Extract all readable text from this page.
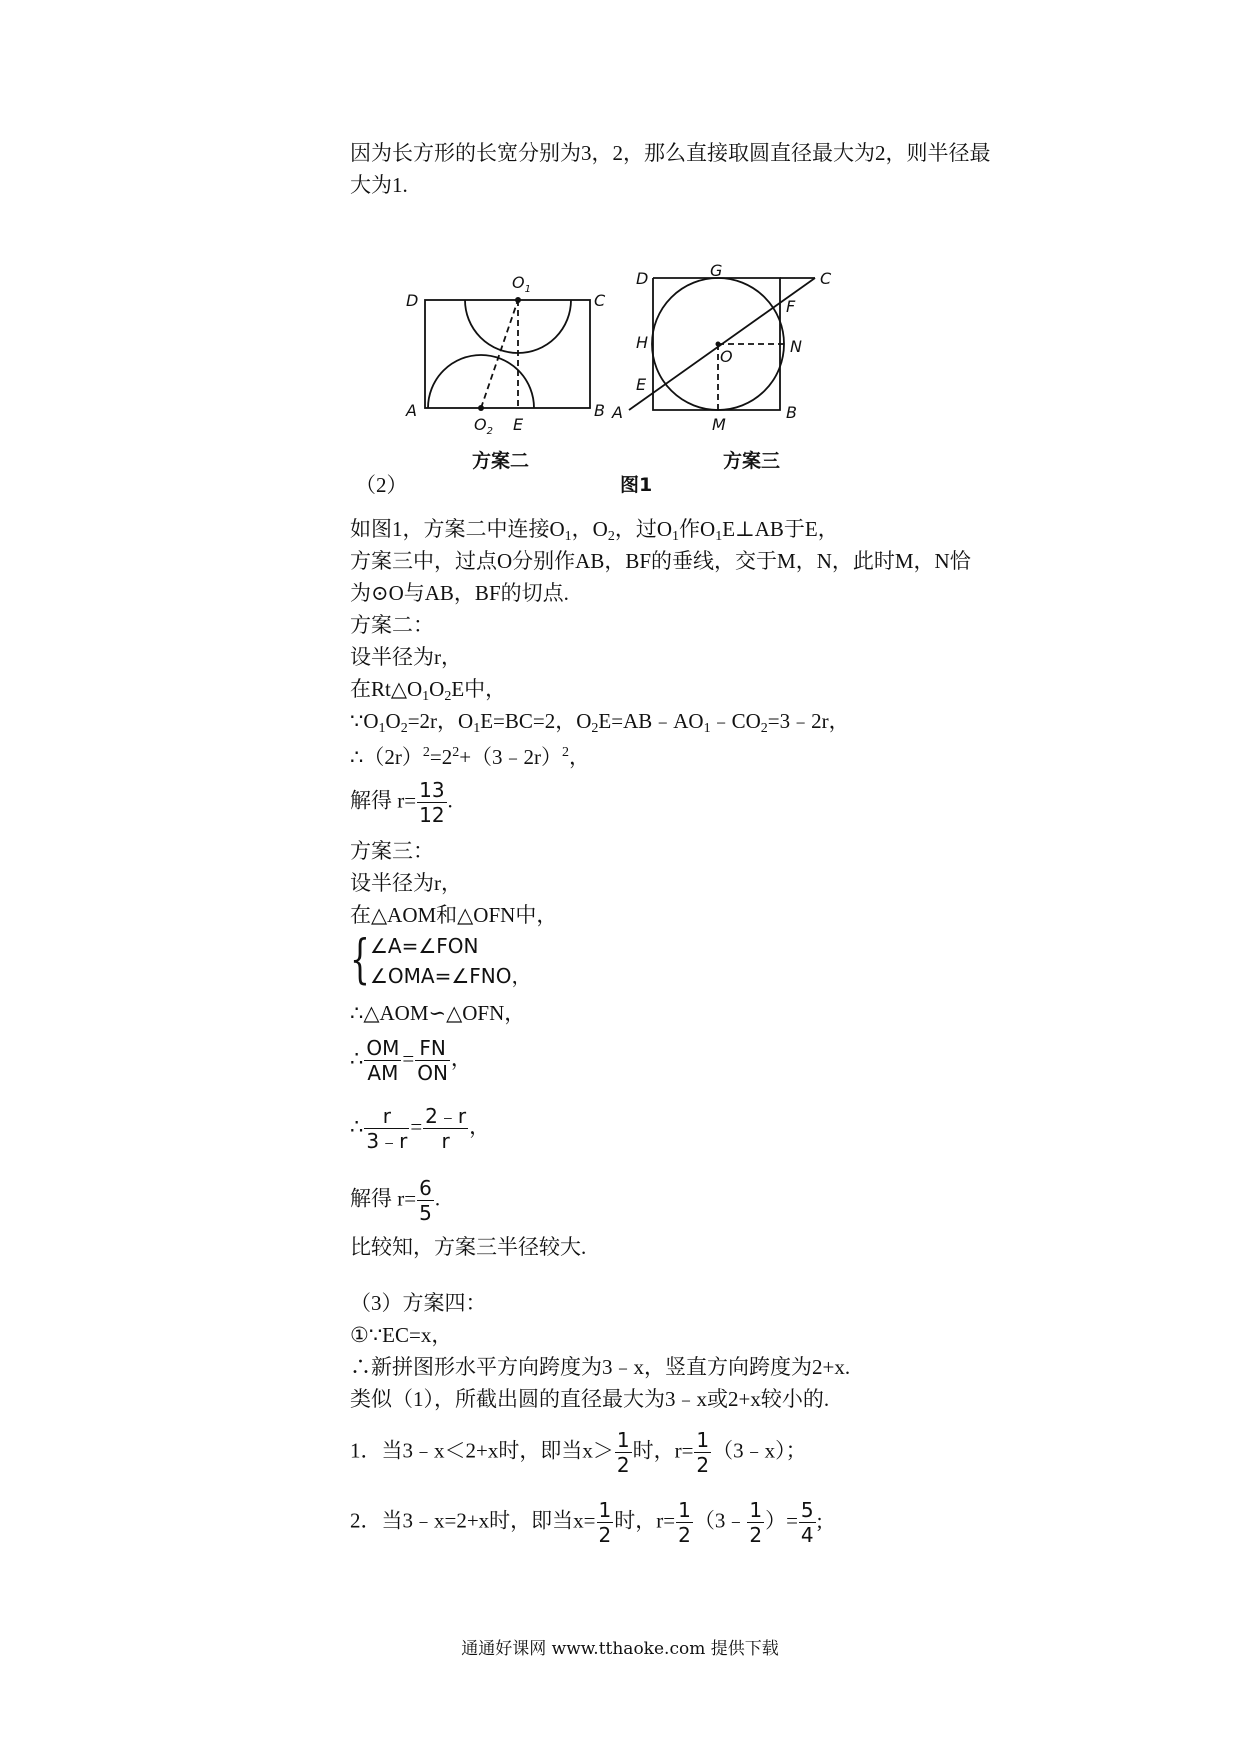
因为长方形的长宽分别为3，2，那么直接取圆直径最大为2，则半径最
大为1.
D	C
A	B
$O_1$
$O_2$ E
D	G	C
F
H	N
O
E
A
M
B
方案二	方案三
（2）	图1
如图1，方案二中连接$O_1$，$O_2$，过$O_1$作$O_1E\perp AB$于E，
方案三中，过点O分别作AB，BF的垂线，交于M，N，此时M，N恰
为⊙O与AB，BF的切点.
方案二：
设半径为r，
在$Rt\triangle O_1O_2E$中，
$\because O_1O_2=2r$，$O_1E=BC=2$，$O_2E=AB﹣AO_1﹣CO_2=3﹣2r$，
$\therefore(2r)^2=2^2+(3﹣2r)^2$，
解得 $r= \frac{13}{12}$ .
方案三：
设半径为r，
在△AOM和△OFN中，
{ ∠A=∠FON
∠OMA=∠FNO，
∴△AOM∽△OFN，
∴ $\frac{OM}{AM} = \frac{FN}{ON}$ ，
∴ $\frac{r}{3﹣r} = \frac{2﹣r}{r}$ ，
解得 $r= \frac{6}{5}$ .
比较知，方案三半径较大.
（3）方案四：
①∵EC=x，
∴新拼图形水平方向跨度为3﹣x，竖直方向跨度为2+x.
类似（1），所截出圆的直径最大为3﹣x或2+x较小的.
1．当3﹣x＜2+x时，即当$x> \frac{1}{2}$ 时，$r= \frac{1}{2}$ （3﹣x）；
2．当3﹣x=2+x时，即当$x= \frac{1}{2}$ 时，$r= \frac{1}{2}$ （3﹣ $\frac{1}{2}$ ）= $\frac{5}{4}$ ;
通通好课网 www.tthaoke.com 提供下载
